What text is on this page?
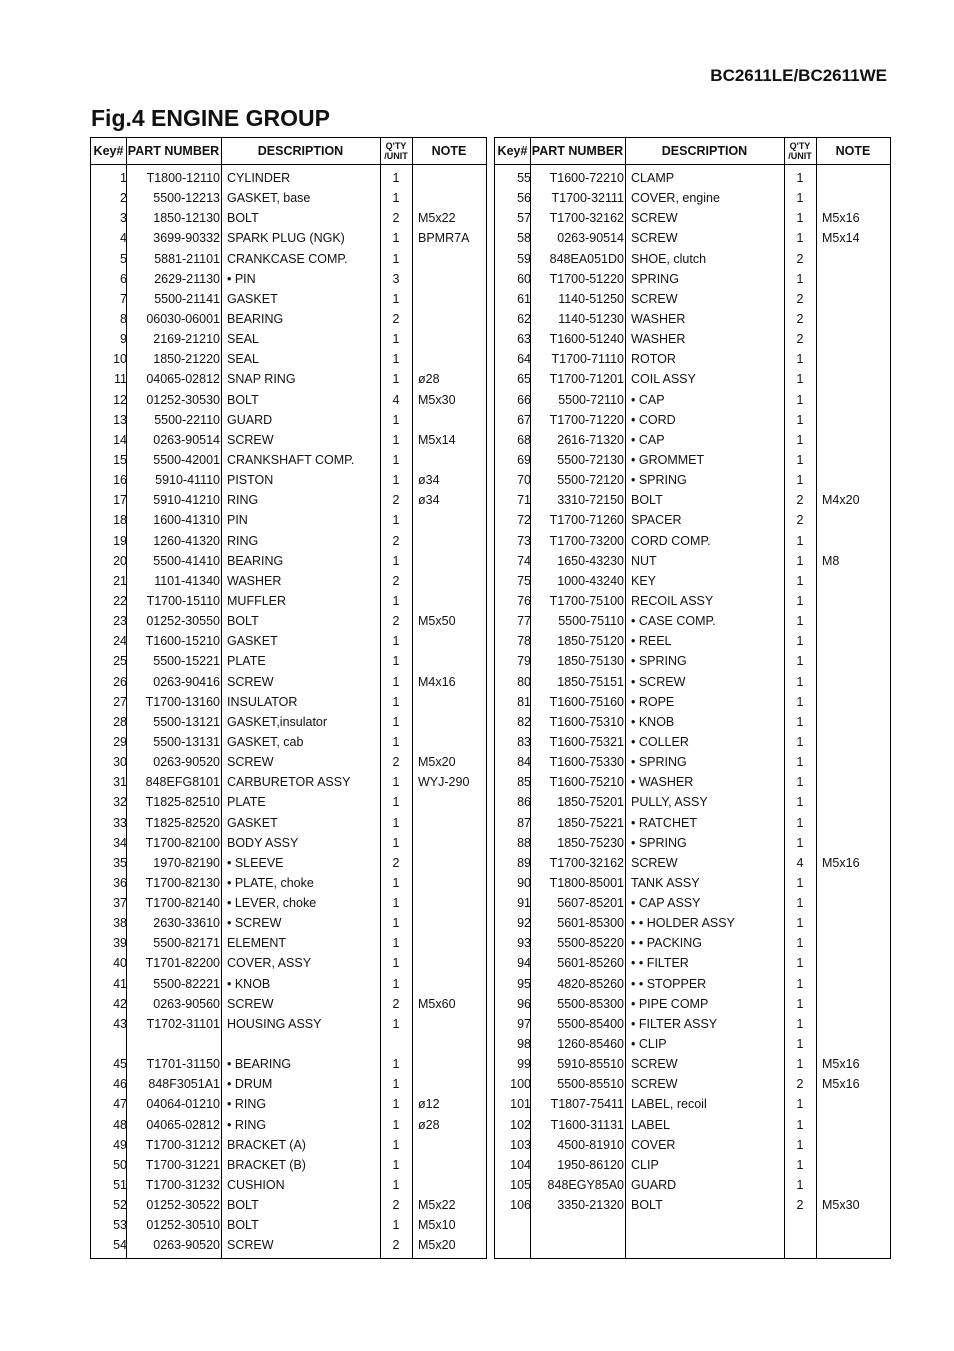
BC2611LE/BC2611WE
Fig.4 ENGINE GROUP
Key# PART NUMBER	DESCRIPTION	Q'TY
/UNIT	NOTE
1 T1800-12110 CYLINDER	1
2 5500-12213 GASKET, base	1
3 1850-12130 BOLT	2	M5x22
4 3699-90332 SPARK PLUG (NGK)	1	BPMR7A
5 5881-21101 CRANKCASE COMP.	1
6 2629-21130 • PIN	3
7 5500-21141 GASKET	1
8 06030-06001 BEARING	2
9 2169-21210 SEAL	1
10 1850-21220 SEAL	1
11 04065-02812 SNAP RING	1	ø28
12 01252-30530 BOLT	4	M5x30
13 5500-22110 GUARD	1
14 0263-90514 SCREW	1	M5x14
15 5500-42001 CRANKSHAFT COMP.	1
16 5910-41110 PISTON	1	ø34
17 5910-41210 RING	2	ø34
18 1600-41310 PIN	1
19 1260-41320 RING	2
20 5500-41410 BEARING	1
21 1101-41340 WASHER	2
22 T1700-15110 MUFFLER	1
23 01252-30550 BOLT	2	M5x50
24 T1600-15210 GASKET	1
25 5500-15221 PLATE	1
26 0263-90416 SCREW	1	M4x16
27 T1700-13160 INSULATOR	1
28 5500-13121 GASKET,insulator	1
29 5500-13131 GASKET, cab	1
30 0263-90520 SCREW	2	M5x20
31 848EFG8101 CARBURETOR ASSY	1	WYJ-290
32 T1825-82510 PLATE	1
33 T1825-82520 GASKET	1
34 T1700-82100 BODY ASSY	1
35 1970-82190 • SLEEVE	2
36 T1700-82130 • PLATE, choke	1
37 T1700-82140 • LEVER, choke	1
38 2630-33610 • SCREW	1
39 5500-82171 ELEMENT	1
40 T1701-82200 COVER, ASSY	1
41 5500-82221 • KNOB	1
42 0263-90560 SCREW	2	M5x60
43 T1702-31101 HOUSING ASSY	1
45 T1701-31150 • BEARING	1
46 848F3051A1 • DRUM	1
47 04064-01210 • RING	1	ø12
48 04065-02812 • RING	1	ø28
49 T1700-31212 BRACKET (A)	1
50 T1700-31221 BRACKET (B)	1
51 T1700-31232 CUSHION	1
52 01252-30522 BOLT	2	M5x22
53 01252-30510 BOLT	1	M5x10
54 0263-90520 SCREW	2	M5x20
Key# PART NUMBER	DESCRIPTION	Q'TY
/UNIT	NOTE
55 T1600-72210 CLAMP	1
56 T1700-32111 COVER, engine	1
57 T1700-32162 SCREW	1	M5x16
58 0263-90514 SCREW	1	M5x14
59 848EA051D0 SHOE, clutch	2
60 T1700-51220 SPRING	1
61 1140-51250 SCREW	2
62 1140-51230 WASHER	2
63 T1600-51240 WASHER	2
64 T1700-71110 ROTOR	1
65 T1700-71201 COIL ASSY	1
66 5500-72110 • CAP	1
67 T1700-71220 • CORD	1
68 2616-71320 • CAP	1
69 5500-72130 • GROMMET	1
70 5500-72120 • SPRING	1
71 3310-72150 BOLT	2	M4x20
72 T1700-71260 SPACER	2
73 T1700-73200 CORD COMP.	1
74 1650-43230 NUT	1	M8
75 1000-43240 KEY	1
76 T1700-75100 RECOIL ASSY	1
77 5500-75110 • CASE COMP.	1
78 1850-75120 • REEL	1
79 1850-75130 • SPRING	1
80 1850-75151 • SCREW	1
81 T1600-75160 • ROPE	1
82 T1600-75310 • KNOB	1
83 T1600-75321 • COLLER	1
84 T1600-75330 • SPRING	1
85 T1600-75210 • WASHER	1
86 1850-75201 PULLY, ASSY	1
87 1850-75221 • RATCHET	1
88 1850-75230 • SPRING	1
89 T1700-32162 SCREW	4	M5x16
90 T1800-85001 TANK ASSY	1
91 5607-85201 • CAP ASSY	1
92 5601-85300 • • HOLDER ASSY	1
93 5500-85220 • • PACKING	1
94 5601-85260 • • FILTER	1
95 4820-85260 • • STOPPER	1
96 5500-85300 • PIPE COMP	1
97 5500-85400 • FILTER ASSY	1
98 1260-85460 • CLIP	1
99 5910-85510 SCREW	1	M5x16
100 5500-85510 SCREW	2	M5x16
101 T1807-75411 LABEL, recoil	1
102 T1600-31131 LABEL	1
103 4500-81910 COVER	1
104 1950-86120 CLIP	1
105 848EGY85A0 GUARD	1
106 3350-21320 BOLT	2	M5x30
